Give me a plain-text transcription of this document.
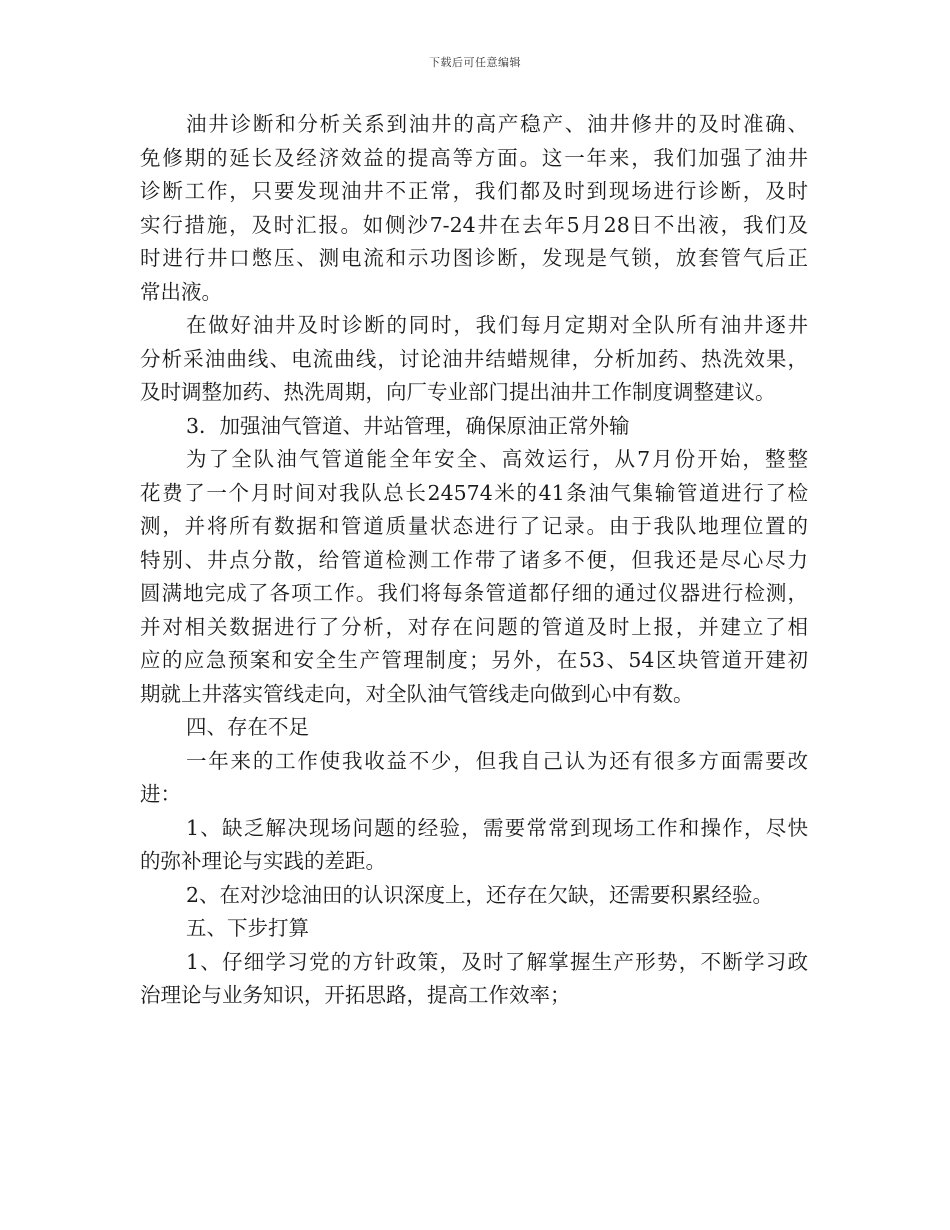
下载后可任意编辑
油井诊断和分析关系到油井的高产稳产、油井修井的及时准确、
免修期的延长及经济效益的提高等方面。这一年来，我们加强了油井
诊断工作，只要发现油井不正常，我们都及时到现场进行诊断，及时
实行措施，及时汇报。如侧沙7-24井在去年5月28日不出液，我们及
时进行井口憋压、测电流和示功图诊断，发现是气锁，放套管气后正
常出液。
在做好油井及时诊断的同时，我们每月定期对全队所有油井逐井
分析采油曲线、电流曲线，讨论油井结蜡规律，分析加药、热洗效果，
及时调整加药、热洗周期，向厂专业部门提出油井工作制度调整建议。
3．加强油气管道、井站管理，确保原油正常外输
为了全队油气管道能全年安全、高效运行，从7月份开始，整整
花费了一个月时间对我队总长24574米的41条油气集输管道进行了检
测，并将所有数据和管道质量状态进行了记录。由于我队地理位置的
特别、井点分散，给管道检测工作带了诸多不便，但我还是尽心尽力
圆满地完成了各项工作。我们将每条管道都仔细的通过仪器进行检测，
并对相关数据进行了分析，对存在问题的管道及时上报，并建立了相
应的应急预案和安全生产管理制度；另外，在53、54区块管道开建初
期就上井落实管线走向，对全队油气管线走向做到心中有数。
四、存在不足
一年来的工作使我收益不少，但我自己认为还有很多方面需要改
进：
1、缺乏解决现场问题的经验，需要常常到现场工作和操作，尽快
的弥补理论与实践的差距。
2、在对沙埝油田的认识深度上，还存在欠缺，还需要积累经验。
五、下步打算
1、仔细学习党的方针政策，及时了解掌握生产形势，不断学习政
治理论与业务知识，开拓思路，提高工作效率；
